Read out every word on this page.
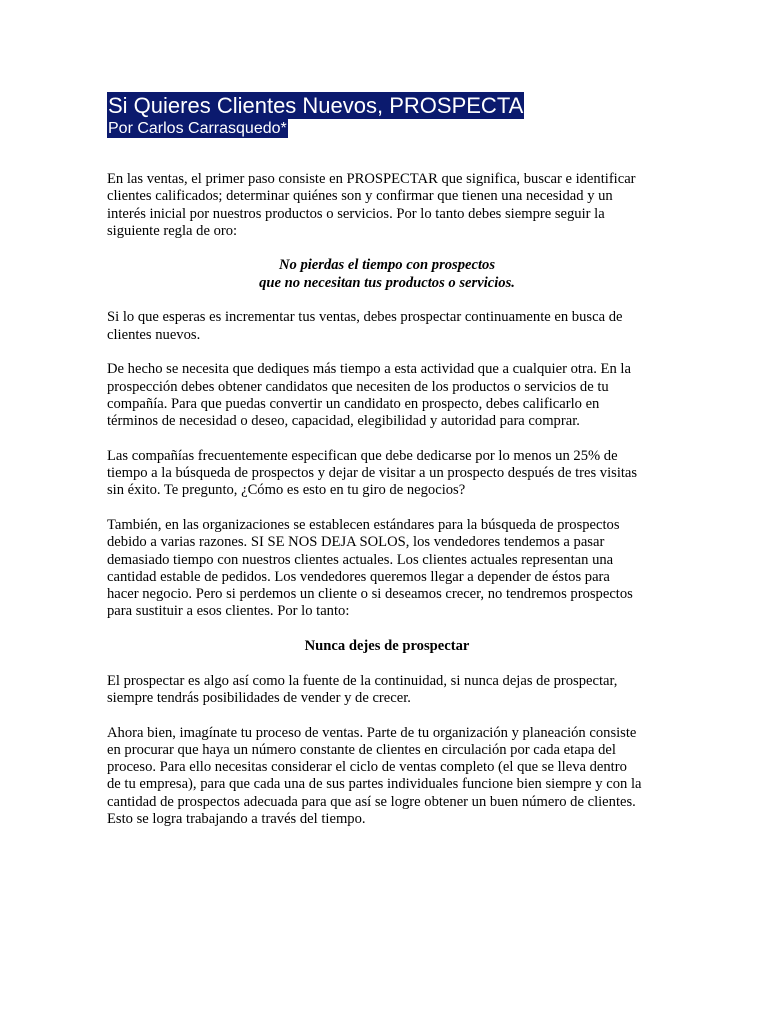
Si Quieres Clientes Nuevos, PROSPECTA
Por Carlos Carrasquedo*

En las ventas, el primer paso consiste en PROSPECTAR que significa, buscar e identificar
clientes calificados; determinar quiénes son y confirmar que tienen una necesidad y un
interés inicial por nuestros productos o servicios. Por lo tanto debes siempre seguir la
siguiente regla de oro:

No pierdas el tiempo con prospectos
que no necesitan tus productos o servicios.

Si lo que esperas es incrementar tus ventas, debes prospectar continuamente en busca de
clientes nuevos.

De hecho se necesita que dediques más tiempo a esta actividad que a cualquier otra. En la
prospección debes obtener candidatos que necesiten de los productos o servicios de tu
compañía. Para que puedas convertir un candidato en prospecto, debes calificarlo en
términos de necesidad o deseo, capacidad, elegibilidad y autoridad para comprar.

Las compañías frecuentemente especifican que debe dedicarse por lo menos un 25% de
tiempo a la búsqueda de prospectos y dejar de visitar a un prospecto después de tres visitas
sin éxito. Te pregunto, ¿Cómo es esto en tu giro de negocios?

También, en las organizaciones se establecen estándares para la búsqueda de prospectos
debido a varias razones. SI SE NOS DEJA SOLOS, los vendedores tendemos a pasar
demasiado tiempo con nuestros clientes actuales. Los clientes actuales representan una
cantidad estable de pedidos. Los vendedores queremos llegar a depender de éstos para
hacer negocio. Pero si perdemos un cliente o si deseamos crecer, no tendremos prospectos
para sustituir a esos clientes. Por lo tanto:

Nunca dejes de prospectar

El prospectar es algo así como la fuente de la continuidad, si nunca dejas de prospectar,
siempre tendrás posibilidades de vender y de crecer.

Ahora bien, imagínate tu proceso de ventas. Parte de tu organización y planeación consiste
en procurar que haya un número constante de clientes en circulación por cada etapa del
proceso. Para ello necesitas considerar el ciclo de ventas completo (el que se lleva dentro
de tu empresa), para que cada una de sus partes individuales funcione bien siempre y con la
cantidad de prospectos adecuada para que así se logre obtener un buen número de clientes.
Esto se logra trabajando a través del tiempo.
